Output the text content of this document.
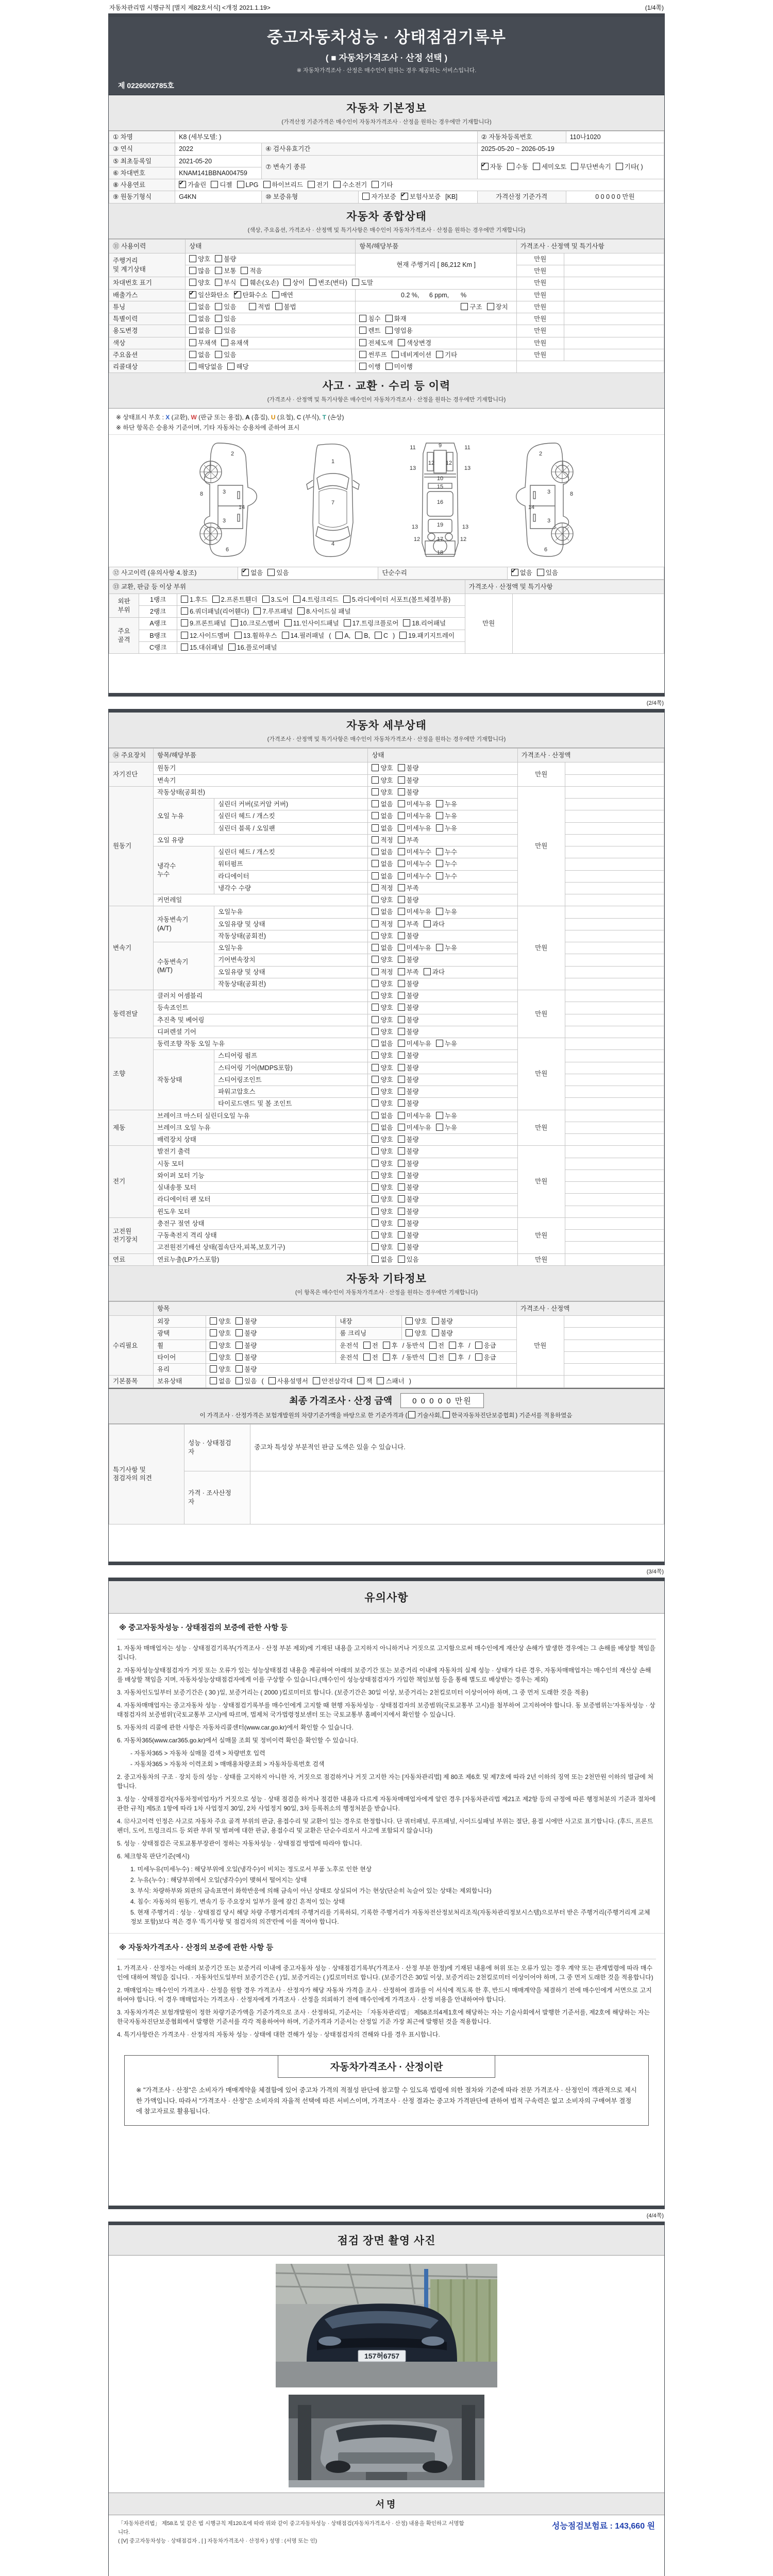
자동차관리법 시행규칙 [별지 제82호서식] <개정 2021.1.19>	(1/4쪽)
중고자동차성능 · 상태점검기록부
( ■ 자동차가격조사 · 산정 선택 )
※ 자동차가격조사 · 산정은 매수인이 원하는 경우 제공하는 서비스입니다.
제 0226002785호
자동차 기본정보
(가격산정 기준가격은 매수인이 자동차가격조사 · 산정을 원하는 경우에만 기재합니다)
① 차명	K8 (세부모델: )			② 자동차등록번호	110나1020
③ 연식	2022	④ 검사유효기간		2025-05-20 ~ 2026-05-19	
⑤ 최초등록일	2021-05-20	⑦ 변속기 종류	✔자동 수동 세미오토 무단변속기 기타( )
⑥ 차대번호	KNAM141BBNA004759				
⑧ 사용연료	✔가솔린 디젤 LPG 하이브리드 전기 수소전기 기타
⑨ 원동기형식	G4KN	⑩ 보증유형	자가보증 ✔ 보험사보증 [KB]	가격산정 기준가격	0 0 0 0 0 만원
자동차 종합상태
(색상, 주요옵션, 가격조사 · 산정액 및 특기사항은 매수인이 자동차가격조사 · 산정을 원하는 경우에만 기재합니다)
⑪ 사용이력	상태	항목/해당부품	가격조사 · 산정액 및 특기사항	
주행거리
및 계기상태	양호 불량	현재 주행거리 [ 86,212 Km ]	만원	
	많음 보통 적음		만원	
차대번호 표기	양호 부식 훼손(오손) 상이 변조(변타) 도말		만원	
배출가스	✔일산화탄소 ✔ 탄화수소 매연	0.2 %,   6 ppm,    %	만원	
튜닝	없음 있음 적법 불법	구조 장치	만원	
특별이력	없음 있음	침수 화재	만원	
용도변경	없음 있음	렌트 영업용	만원	
색상	무채색 유채색	전체도색 색상변경	만원	
주요옵션	없음 있음	썬루프 네비게이션 기타	만원	
리콜대상	해당없음 해당	이행 미이행		
사고 · 교환 · 수리 등 이력
(가격조사 · 산정액 및 특기사항은 매수인이 자동차가격조사 · 산정을 원하는 경우에만 기재합니다)
※ 상태표시 부호 : X (교환), W (판금 또는 용접), A (흠집), U (요철), C (부식), T (손상)
※ 하단 항목은 승용차 기준이며, 기타 자동차는 승용차에 준하여 표시
2
8	3
14
3
6
1
7
4
9
11	11
12 12
13	13
10
15
16
19
13	13
17
12	12
18
2
8
3
14
3
6
⑫ 사고이력 (유의사항 4.참조)	✔없음 있음	단순수리	✔없음 있음
⑬ 교환, 판금 등 이상 부위			가격조사 · 산정액 및 특기사항	
외판
부위	1랭크	1.후드 2.프론트휀더 3.도어 4.트렁크리드 5.라디에이터 서포트(볼트체결부품)	만원	
	2랭크	6.쿼더패널(리어휀다) 7.루프패널 8.사이드실 패널		
주요
골격	A랭크	9.프론트패널 10.크로스멤버 11.인사이드패널 17.트렁크플로어 18.리어패널		
	B랭크	12.사이드멤버 13.휠하우스 14.필러패널 ( A, B, C ) 19.패키지트레이		
	C랭크	15.대쉬패널 16.플로어패널		
(2/4쪽)
자동차 세부상태
(가격조사 · 산정액 및 특기사항은 매수인이 자동차가격조사 · 산정을 원하는 경우에만 기재합니다)
⑭ 주요장치	항목/해당부품		상태	가격조사 · 산정액	
자기진단	원동기		양호 불량	만원	
	변속기		양호 불량		
원동기	작동상태(공회전)		양호 불량	만원	
	오일 누유	실린더 커버(로커암 커버)	없음 미세누유 누유		
		실린더 헤드 / 개스킷	없음 미세누유 누유		
		실린더 블록 / 오일팬	없음 미세누유 누유		
	오일 유량		적정 부족		
	냉각수
누수	실린더 헤드 / 개스킷	없음 미세누수 누수		
		워터펌프	없음 미세누수 누수		
		라디에이터	없음 미세누수 누수		
		냉각수 수량	적정 부족		
	커먼레일		양호 불량		
변속기	자동변속기
(A/T)	오일누유	없음 미세누유 누유	만원	
		오일유량 및 상태	적정 부족 과다		
		작동상태(공회전)	양호 불량		
	수동변속기
(M/T)	오일누유	없음 미세누유 누유		
		기어변속장치	양호 불량		
		오일유량 및 상태	적정 부족 과다		
		작동상태(공회전)	양호 불량		
동력전달	클러치 어셈블리		양호 불량	만원	
	등속죠인트		양호 불량		
	추진축 및 베어링		양호 불량		
	디퍼렌셜 기어		양호 불량		
조향	동력조향 작동 오일 누유		없음 미세누유 누유	만원	
	작동상태	스티어링 펌프	양호 불량		
		스티어링 기어(MDPS포함)	양호 불량		
		스티어링조인트	양호 불량		
		파워고압호스	양호 불량		
		타이로드엔드 및 볼 조인트	양호 불량		
제동	브레이크 마스터 실린더오일 누유		없음 미세누유 누유	만원	
	브레이크 오일 누유		없음 미세누유 누유		
	배력장치 상태		양호 불량		
전기	발전기 출력		양호 불량	만원	
	시동 모터		양호 불량		
	와이퍼 모터 기능		양호 불량		
	실내송풍 모터		양호 불량		
	라디에이터 팬 모터		양호 불량		
	윈도우 모터		양호 불량		
고전원
전기장치	충전구 절연 상태		양호 불량	만원	
	구동축전지 격리 상태		양호 불량		
	고전원전기배선 상태(접속단자,피복,보호기구)		양호 불량		
연료	연료누출(LP가스포함)		없음 있음	만원	
자동차 기타정보
(이 항목은 매수인이 자동차가격조사 · 산정을 원하는 경우에만 기재합니다)
	항목				가격조사 · 산정액	
수리필요	외장	양호 불량	내장	양호 불량	만원	
	광택	양호 불량	룸 크리닝	양호 불량		
	휠	양호 불량	운전석 전 후 / 동반석 전 후 / 응급			
	타이어	양호 불량	운전석 전 후 / 동반석 전 후 / 응급			
	유리	양호 불량				
기본품목	보유상태	없음 있음 ( 사용설명서 안전삼각대 잭 스패너 )				
최종 가격조사 · 산정 금액	0 0 0 0 0 만원
이 가격조사 · 산정가격은 보험개발원의 차량기준가액을 바탕으로 한 기준가격과 ( 기술사회, 한국자동차진단보증협회 ) 기준서를 적용하였음
특기사항 및
점검자의 의견	성능 · 상태점검
자	중고차 특성상 부분적인 판금 도색은 있을 수 있습니다.
	가격 · 조사산정
자	
(3/4쪽)
유의사항
※ 중고자동차성능 · 상태점검의 보증에 관한 사항 등

1. 자동차 매매업자는 성능 · 상태점검기록부(가격조사 · 산정 부분 제외)에 기재된 내용을 고지하지 아니하거나 거짓으로 고지함으로써 매수인에게 재산상 손해가 발생한 경우에는 그 손해를 배상할 책임을 집니다.

2. 자동차성능상태점검자가 거짓 또는 오류가 있는 성능상태점검 내용을 제공하여 아래의 보증기간 또는 보증거리 이내에 자동차의 실제 성능 · 상태가 다른 경우, 자동차매매업자는 매수인의 재산상 손해를 배상할 책임을 지며, 자동차성능상태점검자에게 이를 구상할 수 있습니다.(매수인이 성능상태점검자가 가입한 책임보험 등을 통해 별도로 배상받는 경우는 제외)

3. 자동차인도일부터 보증기간은 ( 30 )일, 보증거리는 ( 2000 )킬로미터로 합니다. (보증기간은 30일 이상, 보증거리는 2천킬로미터 이상이어야 하며, 그 중 먼저 도래한 것을 적용)

4. 자동차매매업자는 중고자동차 성능 · 상태점검기록부를 매수인에게 고지할 때 현행 자동차성능 · 상태점검자의 보증범위(국토교통부 고시)를 첨부하여 고지하여야 합니다. 동 보증범위는'자동차성능 · 상태점검자의 보증범위'(국토교통부 고시)에 따르며, 법제처 국가법령정보센터 또는 국토교통부 홈페이지에서 확인할 수 있습니다.

5. 자동차의 리콜에 관한 사항은 자동차리콜센터(www.car.go.kr)에서 확인할 수 있습니다.

6. 자동차365(www.car365.go.kr)에서 실매물 조회 및 정비이력 확인을 확인할 수 있습니다.

- 자동차365 > 자동차 실매물 검색 > 차량번호 입력

- 자동차365 > 자동차 이력조회 > 매매용차량조회 > 자동차등록번호 검색

2. 중고자동차의 구조 · 장치 등의 성능 · 상태를 고지하지 아니한 자, 거짓으로 점검하거나 거짓 고지한 자는 [자동차관리법] 제 80조 제6호 및 제7호에 따라 2년 이하의 징역 또는 2천만원 이하의 벌금에 처합니다.

3. 성능 · 상태점검자(자동차정비업자)가 거짓으로 성능 · 상태 점검을 하거나 점검한 내용과 다르게 자동차매매업자에게 알린 경우 [자동차관리법 제21조 제2항 등의 규정에 따른 행정처분의 기준과 절차에 관한 규칙] 제5조 1항에 따라 1차 사업정지 30일, 2차 사업정지 90일, 3차 등록취소의 행정처분을 받습니다.

4. ⑫사고이력 인정은 사고로 자동차 주요 골격 부위의 판금, 용접수리 및 교환이 있는 경우로 한정합니다. 단 쿼터패널, 루프패널, 사이드실패널 부위는 절단, 용접 시에만 사고로 표기합니다. (후드, 프론트펜더, 도어, 트렁크리드 등 외판 부위 및 범퍼에 대한 판금, 용접수리 및 교환은 단순수리로서 사고에 포함되지 않습니다)

5. 성능 · 상태점검은 국토교통부장관이 정하는 자동차성능 · 상태점검 방법에 따라야 합니다.

6. 체크항목 판단기준(예시)

1. 미세누유(미세누수) : 해당부위에 오일(냉각수)이 비치는 정도로서 부품 노후로 인한 현상

2. 누유(누수) : 해당부위에서 오일(냉각수)이 맺혀서 떨어지는 상태

3. 부식: 차량하부와 외판의 금속표면이 화학반응에 의해 금속이 아닌 상태로 상실되어 가는 현상(단순히 녹슬어 있는 상태는 제외합니다)

4. 침수: 자동차의 원동기, 변속기 등 주요장치 일부가 물에 잠긴 흔적이 있는 상태

5. 현재 주행거리 : 성능 · 상태점검 당시 해당 차량 주행거리계의 주행거리를 기록하되, 기록한 주행거리가 자동차전산정보처리조직(자동차관리정보시스템)으로부터 받은 주행거리(주행거리계 교체 정보 포함)보다 적은 경우 '특기사항 및 점검자의 의견'란에 이를 적어야 합니다.

※ 자동차가격조사 · 산정의 보증에 관한 사항 등

1. 가격조사 · 산정자는 아래의 보증기간 또는 보증거리 이내에 중고자동차 성능 · 상태점검기록부(가격조사 · 산정 부분 한정)에 기재된 내용에 허위 또는 오류가 있는 경우 계약 또는 관계법령에 따라 매수인에 대하여 책임을 집니다. · 자동차인도일부터 보증기간은 ( )일, 보증거리는 ( )킬로미터로 합니다. (보증기간은 30일 이상, 보증거리는 2천킬로미터 이상이어야 하며, 그 중 먼저 도래한 것을 적용합니다)

2. 매매업자는 매수인이 가격조사 · 산정을 원할 경우 가격조사 · 산정자가 해당 자동차 가격을 조사 · 산정하여 결과를 이 서식에 적도록 한 후, 반드시 매매계약을 체결하기 전에 매수인에게 서면으로 고지하여야 합니다. 이 경우 매매업자는 가격조사 · 산정자에게 가격조사 · 산정을 의뢰하기 전에 매수인에게 가격조사 · 산정 비용을 안내하여야 합니다.

3. 자동차가격은 보험개발원이 정한 차량기준가액을 기준가격으로 조사 · 산정하되, 기준서는 「자동차관리법」 제58조의4제1호에 해당하는 자는 기술사회에서 발행한 기준서를, 제2호에 해당하는 자는 한국자동차진단보증협회에서 발행한 기준서를 각각 적용하여야 하며, 기준가격과 기준서는 산정일 기준 가장 최근에 발행된 것을 적용합니다.

4. 특기사항란은 가격조사 · 산정자의 자동차 성능 · 상태에 대한 견해가 성능 · 상태점검자의 견해와 다를 경우 표시합니다.

자동차가격조사 · 산정이란
※ "가격조사 · 산정"은 소비자가 매매계약을 체결함에 있어 중고차 가격의 적절성 판단에 참고할 수 있도록 법령에 의한 절차와 기준에 따라 전문 가격조사 · 산정인이 객관적으로 제시한 가액입니다. 따라서 "가격조사 · 산정"은 소비자의 자율적 선택에 따른 서비스이며, 가격조사 · 산정 결과는 중고차 가격판단에 관하여 법적 구속력은 없고 소비자의 구매여부 결정에 참고자료로 활용됩니다.
(4/4쪽)
점검 장면 촬영 사진
157허6757
서명
「자동차관리법」 제58조 및 같은 법 시행규칙 제120조에 따라 위와 같이 중고자동차성능 · 상태점검(자동차가격조사 · 산정) 내용을 확인하고 서명합니다.
( [V] 중고자동차성능 · 상태점검자 , [ ] 자동차가격조사 · 산정자 ) 성명 : (서명 또는 인)
성능점검보험료 : 143,660 원
